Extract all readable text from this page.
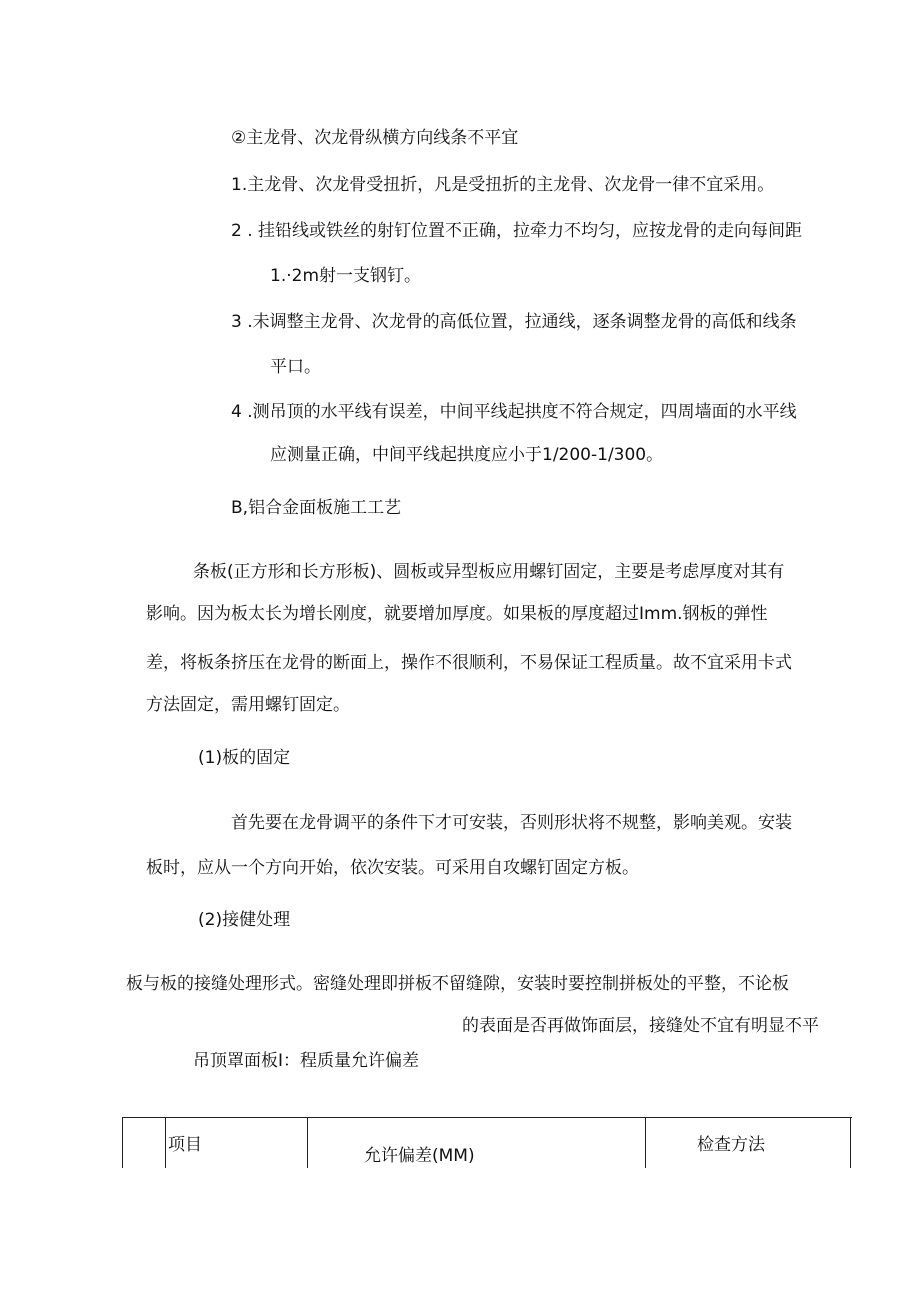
②主龙骨、次龙骨纵横方向线条不平宜
1.主龙骨、次龙骨受扭折，凡是受扭折的主龙骨、次龙骨一律不宜采用。
2 . 挂铅线或铁丝的射钉位置不正确，拉牵力不均匀，应按龙骨的走向每间距
1.·2m射一支钢钉。
3 .未调整主龙骨、次龙骨的高低位置，拉通线，逐条调整龙骨的高低和线条
平口。
4 .测吊顶的水平线有误差，中间平线起拱度不符合规定，四周墙面的水平线
应测量正确，中间平线起拱度应小于1/200-1/300。
B,铝合金面板施工工艺
条板(正方形和长方形板)、圆板或异型板应用螺钉固定，主要是考虑厚度对其有
影响。因为板太长为增长刚度，就要增加厚度。如果板的厚度超过Imm.钢板的弹性
差，将板条挤压在龙骨的断面上，操作不很顺利，不易保证工程质量。故不宜采用卡式
方法固定，需用螺钉固定。
(1)板的固定
首先要在龙骨调平的条件下才可安装，否则形状将不规整，影响美观。安装
板时，应从一个方向开始，依次安装。可采用自攻螺钉固定方板。
(2)接健处理
板与板的接缝处理形式。密缝处理即拼板不留缝隙，安装时要控制拼板处的平整，不论板
的表面是否再做饰面层，接缝处不宜有明显不平
吊顶罩面板I：程质量允许偏差
项目
允许偏差(MM)
检查方法
